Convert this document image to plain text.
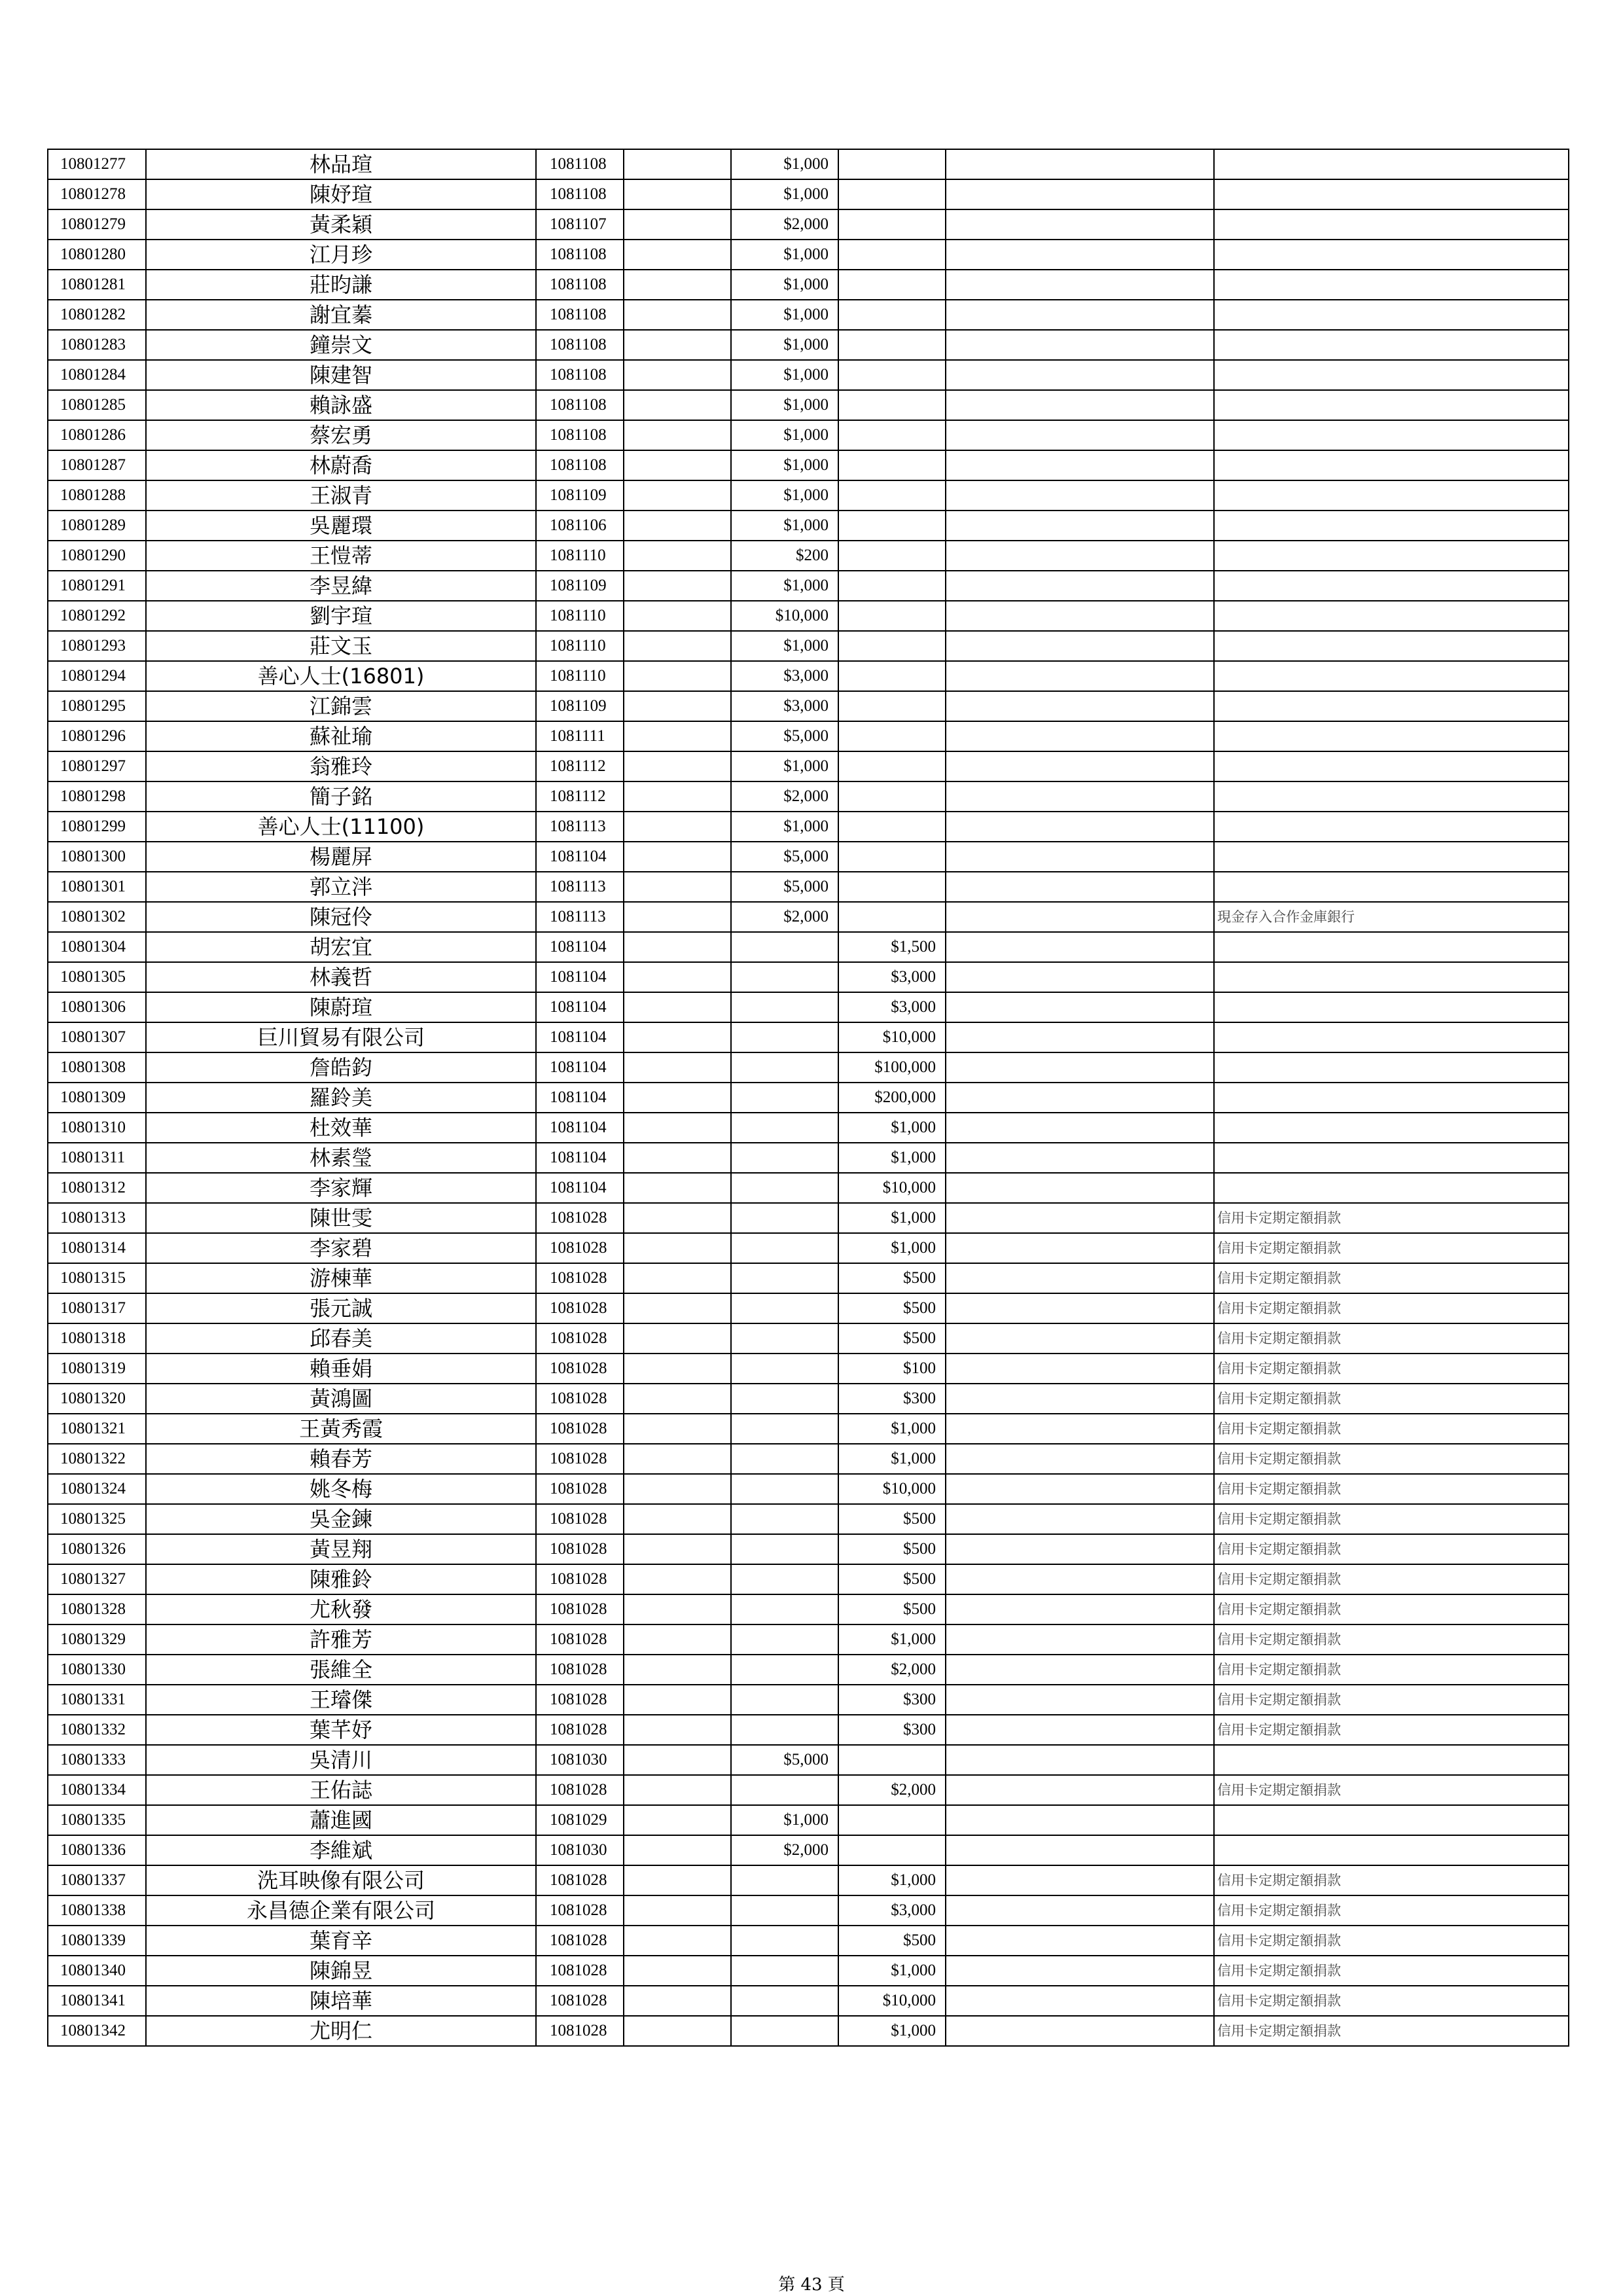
10801277	林品瑄	1081108		$1,000			
10801278	陳妤瑄	1081108		$1,000			
10801279	黃柔穎	1081107		$2,000			
10801280	江月珍	1081108		$1,000			
10801281	莊昀謙	1081108		$1,000			
10801282	謝宜蓁	1081108		$1,000			
10801283	鐘崇文	1081108		$1,000			
10801284	陳建智	1081108		$1,000			
10801285	賴詠盛	1081108		$1,000			
10801286	蔡宏勇	1081108		$1,000			
10801287	林蔚喬	1081108		$1,000			
10801288	王淑青	1081109		$1,000			
10801289	吳麗環	1081106		$1,000			
10801290	王愷蒂	1081110		$200			
10801291	李昱緯	1081109		$1,000			
10801292	劉宇瑄	1081110		$10,000			
10801293	莊文玉	1081110		$1,000			
10801294	善心人士(16801)	1081110		$3,000			
10801295	江錦雲	1081109		$3,000			
10801296	蘇祉瑜	1081111		$5,000			
10801297	翁雅玲	1081112		$1,000			
10801298	簡子銘	1081112		$2,000			
10801299	善心人士(11100)	1081113		$1,000			
10801300	楊麗屏	1081104		$5,000			
10801301	郭立泮	1081113		$5,000			
10801302	陳冠伶	1081113		$2,000			現金存入合作金庫銀行
10801304	胡宏宜	1081104			$1,500		
10801305	林義哲	1081104			$3,000		
10801306	陳蔚瑄	1081104			$3,000		
10801307	巨川貿易有限公司	1081104			$10,000		
10801308	詹皓鈞	1081104			$100,000		
10801309	羅鈴美	1081104			$200,000		
10801310	杜效華	1081104			$1,000		
10801311	林素瑩	1081104			$1,000		
10801312	李家輝	1081104			$10,000		
10801313	陳世雯	1081028			$1,000		信用卡定期定額捐款
10801314	李家碧	1081028			$1,000		信用卡定期定額捐款
10801315	游棟華	1081028			$500		信用卡定期定額捐款
10801317	張元誠	1081028			$500		信用卡定期定額捐款
10801318	邱春美	1081028			$500		信用卡定期定額捐款
10801319	賴垂娟	1081028			$100		信用卡定期定額捐款
10801320	黃鴻圖	1081028			$300		信用卡定期定額捐款
10801321	王黃秀霞	1081028			$1,000		信用卡定期定額捐款
10801322	賴春芳	1081028			$1,000		信用卡定期定額捐款
10801324	姚冬梅	1081028			$10,000		信用卡定期定額捐款
10801325	吳金鍊	1081028			$500		信用卡定期定額捐款
10801326	黃昱翔	1081028			$500		信用卡定期定額捐款
10801327	陳雅鈴	1081028			$500		信用卡定期定額捐款
10801328	尤秋發	1081028			$500		信用卡定期定額捐款
10801329	許雅芳	1081028			$1,000		信用卡定期定額捐款
10801330	張維全	1081028			$2,000		信用卡定期定額捐款
10801331	王璿傑	1081028			$300		信用卡定期定額捐款
10801332	葉芊妤	1081028			$300		信用卡定期定額捐款
10801333	吳清川	1081030		$5,000			
10801334	王佑誌	1081028			$2,000		信用卡定期定額捐款
10801335	蕭進國	1081029		$1,000			
10801336	李維斌	1081030		$2,000			
10801337	洗耳映像有限公司	1081028			$1,000		信用卡定期定額捐款
10801338	永昌德企業有限公司	1081028			$3,000		信用卡定期定額捐款
10801339	葉育辛	1081028			$500		信用卡定期定額捐款
10801340	陳錦昱	1081028			$1,000		信用卡定期定額捐款
10801341	陳培華	1081028			$10,000		信用卡定期定額捐款
10801342	尤明仁	1081028			$1,000		信用卡定期定額捐款
第 43 頁
